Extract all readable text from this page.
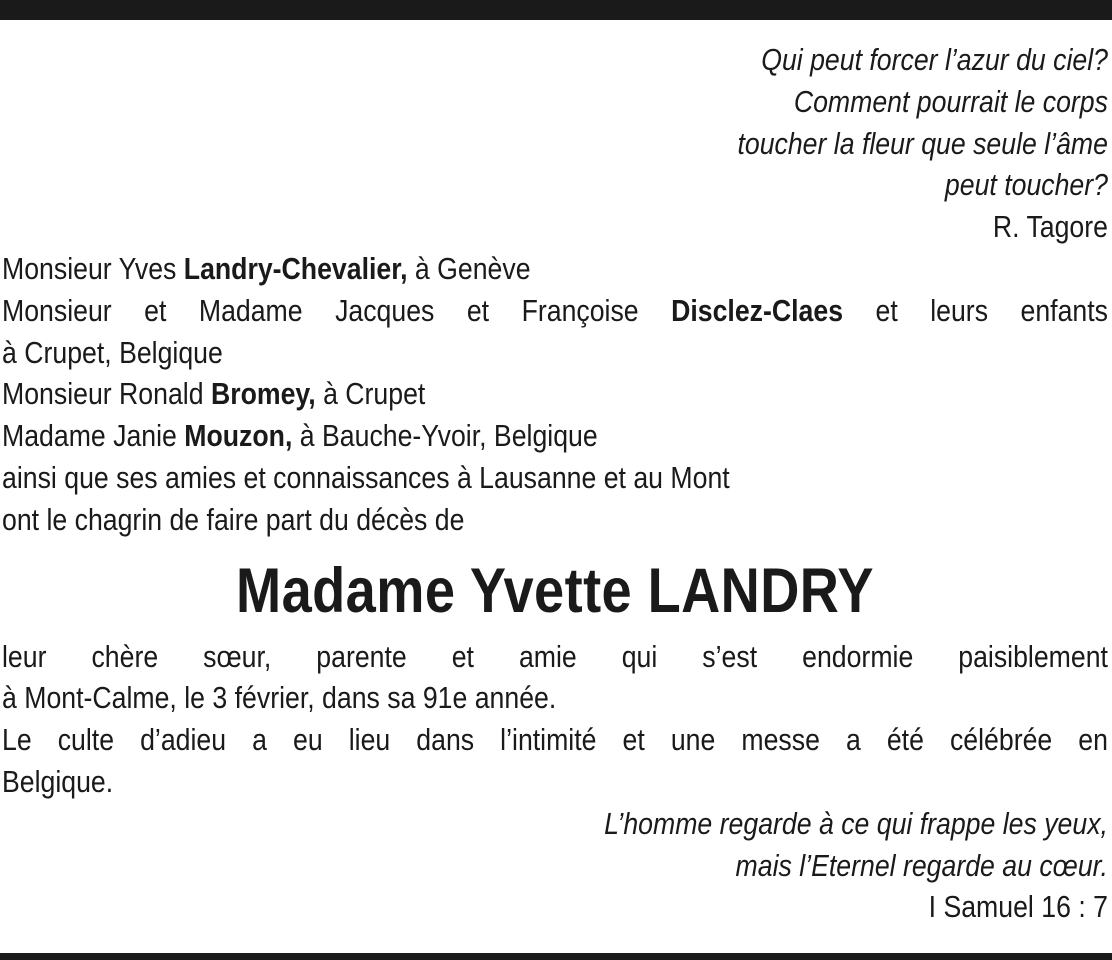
Qui peut forcer l’azur du ciel?
Comment pourrait le corps
toucher la fleur que seule l’âme
peut toucher?
R. Tagore
Monsieur Yves Landry-Chevalier, à Genève
Monsieur et Madame Jacques et Françoise Disclez-Claes et leurs enfants
à Crupet, Belgique
Monsieur Ronald Bromey, à Crupet
Madame Janie Mouzon, à Bauche-Yvoir, Belgique
ainsi que ses amies et connaissances à Lausanne et au Mont
ont le chagrin de faire part du décès de
Madame Yvette LANDRY
leur chère sœur, parente et amie qui s’est endormie paisiblement
à Mont-Calme, le 3 février, dans sa 91e année.
Le culte d’adieu a eu lieu dans l’intimité et une messe a été célébrée en
Belgique.
L’homme regarde à ce qui frappe les yeux,
mais l’Eternel regarde au cœur.
I Samuel 16 : 7
